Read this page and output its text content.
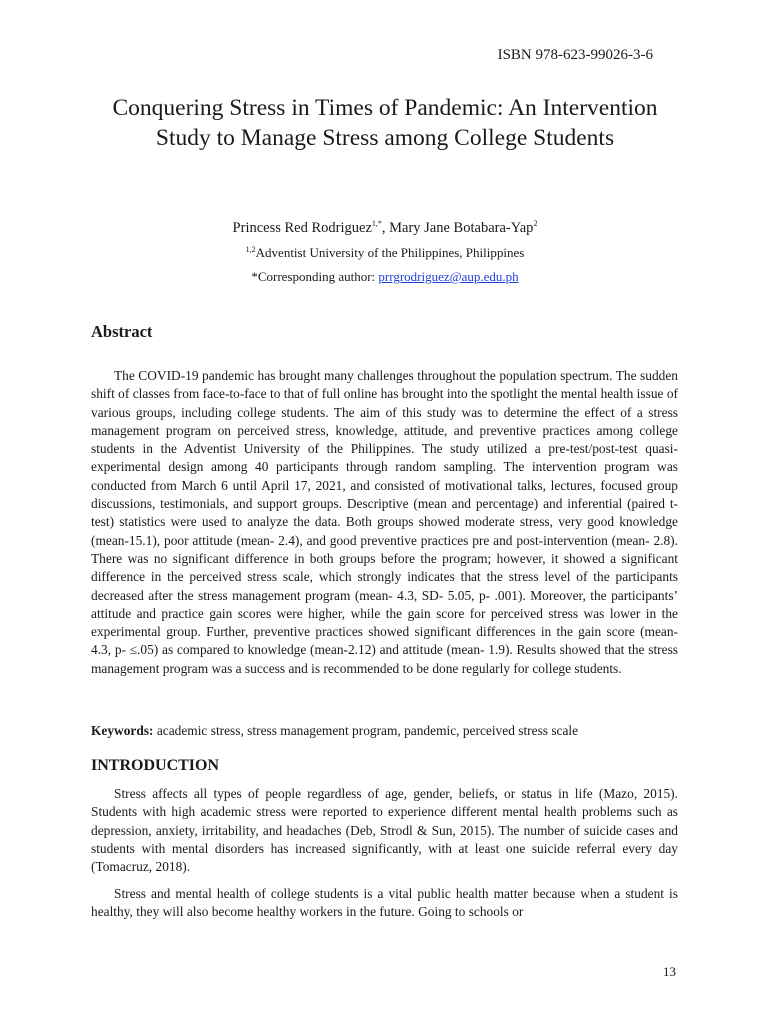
ISBN 978-623-99026-3-6
Conquering Stress in Times of Pandemic: An Intervention Study to Manage Stress among College Students
Princess Red Rodriguez$^{1,*}$, Mary Jane Botabara-Yap$^2$
$^{1,2}$Adventist University of the Philippines, Philippines
*Corresponding author: prrgrodriguez@aup.edu.ph
Abstract

The COVID-19 pandemic has brought many challenges throughout the population spectrum. The sudden shift of classes from face-to-face to that of full online has brought into the spotlight the mental health issue of various groups, including college students. The aim of this study was to determine the effect of a stress management program on perceived stress, knowledge, attitude, and preventive practices among college students in the Adventist University of the Philippines. The study utilized a pre-test/post-test quasi-experimental design among 40 participants through random sampling. The intervention program was conducted from March 6 until April 17, 2021, and consisted of motivational talks, lectures, focused group discussions, testimonials, and support groups. Descriptive (mean and percentage) and inferential (paired t-test) statistics were used to analyze the data. Both groups showed moderate stress, very good knowledge (mean-15.1), poor attitude (mean- 2.4), and good preventive practices pre and post-intervention (mean- 2.8). There was no significant difference in both groups before the program; however, it showed a significant difference in the perceived stress scale, which strongly indicates that the stress level of the participants decreased after the stress management program (mean- 4.3, SD- 5.05, p- .001). Moreover, the participants’ attitude and practice gain scores were higher, while the gain score for perceived stress was lower in the experimental group. Further, preventive practices showed significant differences in the gain score (mean- 4.3, p- ≤.05) as compared to knowledge (mean-2.12) and attitude (mean- 1.9). Results showed that the stress management program was a success and is recommended to be done regularly for college students.

Keywords: academic stress, stress management program, pandemic, perceived stress scale
INTRODUCTION

Stress affects all types of people regardless of age, gender, beliefs, or status in life (Mazo, 2015). Students with high academic stress were reported to experience different mental health problems such as depression, anxiety, irritability, and headaches (Deb, Strodl & Sun, 2015). The number of suicide cases and students with mental disorders has increased significantly, with at least one suicide referral every day (Tomacruz, 2018).

Stress and mental health of college students is a vital public health matter because when a student is healthy, they will also become healthy workers in the future. Going to schools or

13
